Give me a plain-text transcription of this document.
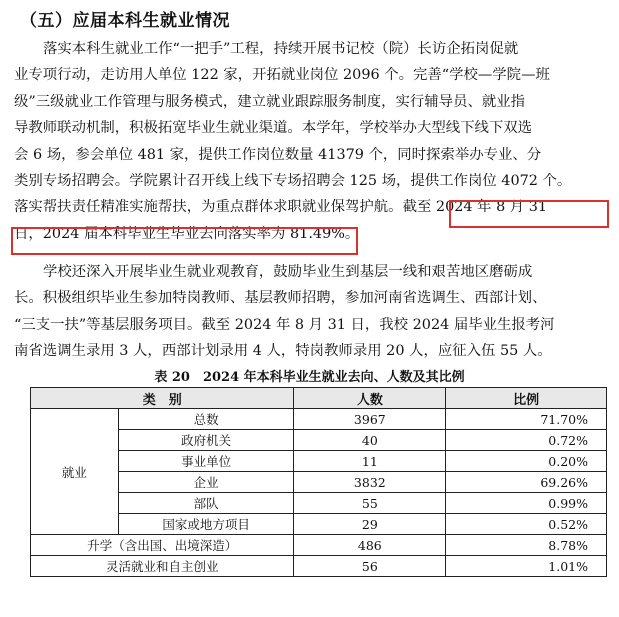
（五）应届本科生就业情况
落实本科生就业工作“一把手”工程，持续开展书记校（院）长访企拓岗促就
业专项行动，走访用人单位 122 家，开拓就业岗位 2096 个。完善“学校—学院—班
级”三级就业工作管理与服务模式，建立就业跟踪服务制度，实行辅导员、就业指
导教师联动机制，积极拓宽毕业生就业渠道。本学年，学校举办大型线下线下双选
会 6 场，参会单位 481 家，提供工作岗位数量 41379 个，同时探索举办专业、分
类别专场招聘会。学院累计召开线上线下专场招聘会 125 场，提供工作岗位 4072 个。
落实帮扶责任精准实施帮扶，为重点群体求职就业保驾护航。截至 2024 年 8 月 31
日，2024 届本科毕业生毕业去向落实率为 81.49%。
学校还深入开展毕业生就业观教育，鼓励毕业生到基层一线和艰苦地区磨砺成
长。积极组织毕业生参加特岗教师、基层教师招聘，参加河南省选调生、西部计划、
“三支一扶”等基层服务项目。截至 2024 年 8 月 31 日，我校 2024 届毕业生报考河
南省选调生录用 3 人，西部计划录用 4 人，特岗教师录用 20 人，应征入伍 55 人。
表 20　2024 年本科毕业生就业去向、人数及其比例
类　别		人数	比例
就业	总数	3967	71.70%
	政府机关	40	0.72%
	事业单位	11	0.20%
	企业	3832	69.26%
	部队	55	0.99%
	国家或地方项目	29	0.52%
升学（含出国、出境深造）		486	8.78%
灵活就业和自主创业		56	1.01%
